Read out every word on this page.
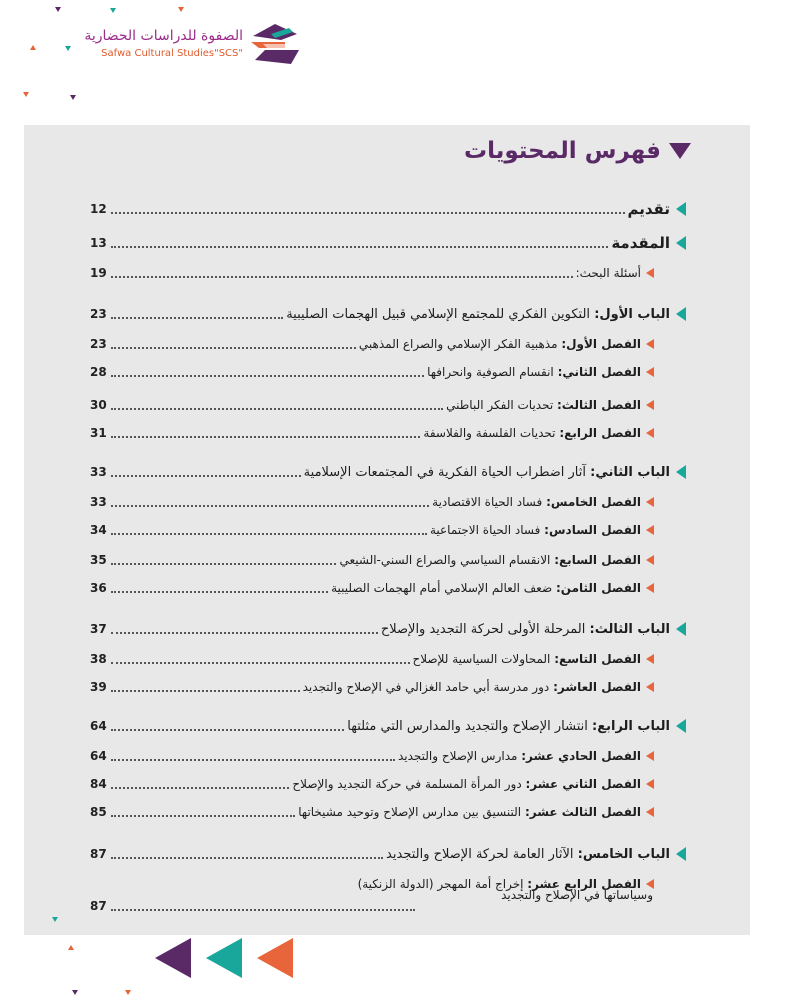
الصفوة للدراسات الحضارية
Safwa Cultural Studies"SCS"
فهرس المحتويات
تقديم
12
المقدمة
13
أسئلة البحث:
19
الباب الأول: التكوين الفكري للمجتمع الإسلامي قبيل الهجمات الصليبية
23
الفصل الأول: مذهبية الفكر الإسلامي والصراع المذهبي
23
الفصل الثاني: انقسام الصوفية وانحرافها
28
الفصل الثالث: تحديات الفكر الباطني
30
الفصل الرابع: تحديات الفلسفة والفلاسفة
31
الباب الثاني: آثار اضطراب الحياة الفكرية في المجتمعات الإسلامية
33
الفصل الخامس: فساد الحياة الاقتصادية
33
الفصل السادس: فساد الحياة الاجتماعية
34
الفصل السابع: الانقسام السياسي والصراع السني-الشيعي
35
الفصل الثامن: ضعف العالم الإسلامي أمام الهجمات الصليبية
36
الباب الثالث: المرحلة الأولى لحركة التجديد والإصلاح
37
الفصل التاسع: المحاولات السياسية للإصلاح
38
الفصل العاشر: دور مدرسة أبي حامد الغزالي في الإصلاح والتجديد
39
الباب الرابع: انتشار الإصلاح والتجديد والمدارس التي مثلتها
64
الفصل الحادي عشر: مدارس الإصلاح والتجديد
64
الفصل الثاني عشر: دور المرأة المسلمة في حركة التجديد والإصلاح
84
الفصل الثالث عشر: التنسيق بين مدارس الإصلاح وتوحيد مشيخاتها
85
الباب الخامس: الآثار العامة لحركة الإصلاح والتجديد
87
الفصل الرابع عشر: إخراج أمة المهجر (الدولة الزنكية)
وسياساتها في الإصلاح والتجديد
87
